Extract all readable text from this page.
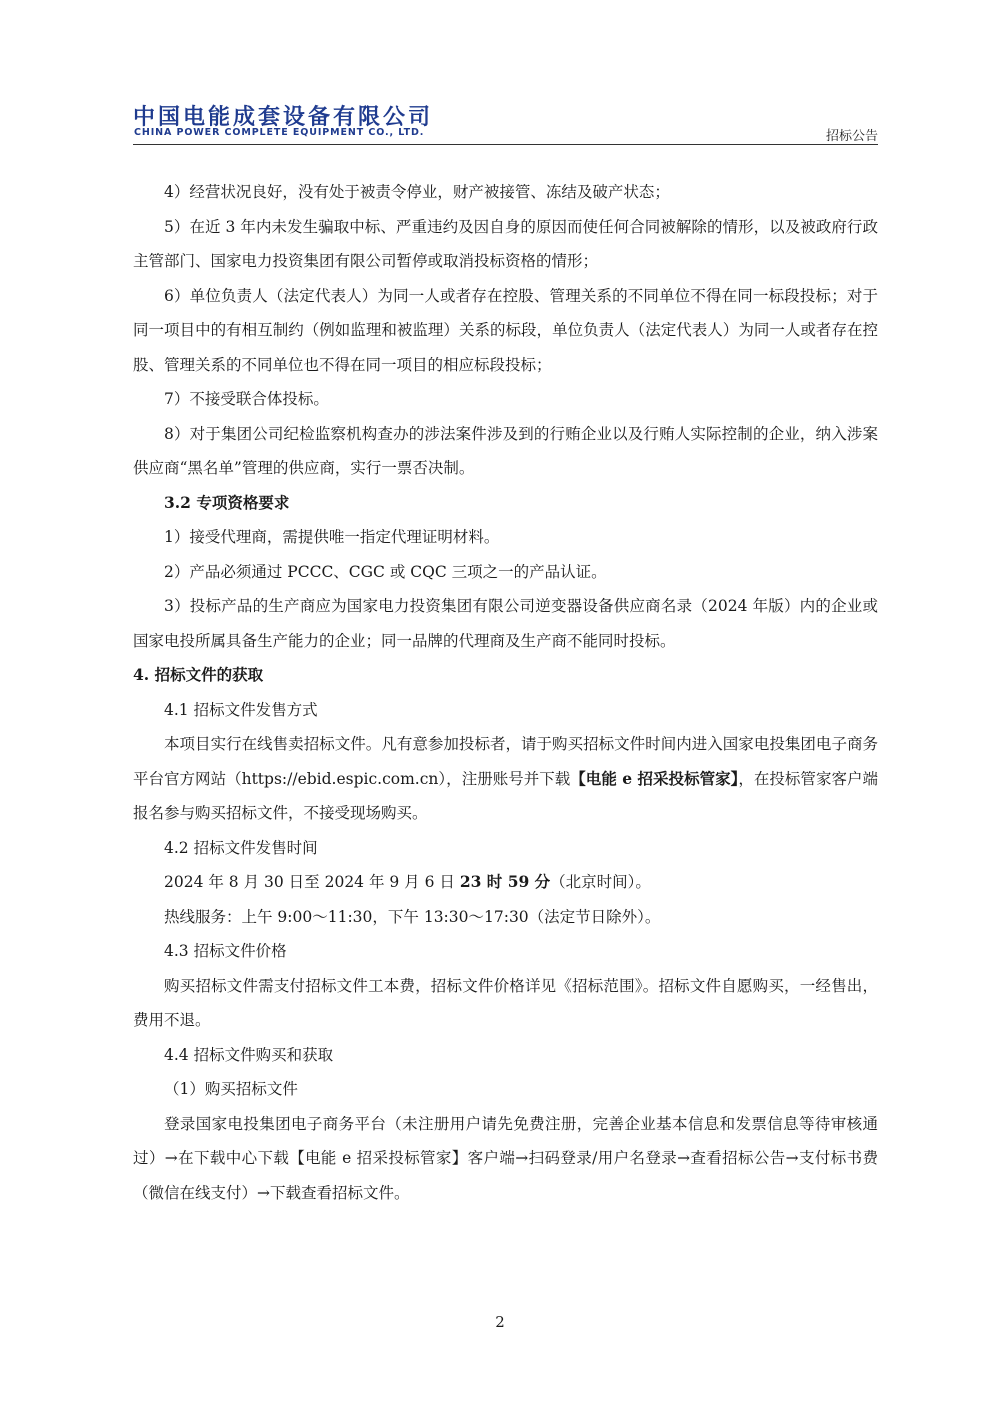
中国电能成套设备有限公司
CHINA POWER COMPLETE EQUIPMENT CO., LTD.	招标公告

4）经营状况良好，没有处于被责令停业，财产被接管、冻结及破产状态；

5）在近 3 年内未发生骗取中标、严重违约及因自身的原因而使任何合同被解除的情形，以及被政府行政主管部门、国家电力投资集团有限公司暂停或取消投标资格的情形；

6）单位负责人（法定代表人）为同一人或者存在控股、管理关系的不同单位不得在同一标段投标；对于同一项目中的有相互制约（例如监理和被监理）关系的标段，单位负责人（法定代表人）为同一人或者存在控股、管理关系的不同单位也不得在同一项目的相应标段投标；

7）不接受联合体投标。

8）对于集团公司纪检监察机构查办的涉法案件涉及到的行贿企业以及行贿人实际控制的企业，纳入涉案供应商“黑名单”管理的供应商，实行一票否决制。

3.2 专项资格要求

1）接受代理商，需提供唯一指定代理证明材料。

2）产品必须通过 PCCC、CGC 或 CQC 三项之一的产品认证。

3）投标产品的生产商应为国家电力投资集团有限公司逆变器设备供应商名录（2024 年版）内的企业或国家电投所属具备生产能力的企业；同一品牌的代理商及生产商不能同时投标。

4. 招标文件的获取

4.1 招标文件发售方式

本项目实行在线售卖招标文件。凡有意参加投标者，请于购买招标文件时间内进入国家电投集团电子商务平台官方网站（https://ebid.espic.com.cn），注册账号并下载【电能 e 招采投标管家】，在投标管家客户端报名参与购买招标文件，不接受现场购买。

4.2 招标文件发售时间

2024 年 8 月 30 日至 2024 年 9 月 6 日 23 时 59 分（北京时间）。

热线服务：上午 9:00～11:30，下午 13:30～17:30（法定节日除外）。

4.3 招标文件价格

购买招标文件需支付招标文件工本费，招标文件价格详见《招标范围》。招标文件自愿购买，一经售出，费用不退。

4.4 招标文件购买和获取

（1）购买招标文件

登录国家电投集团电子商务平台（未注册用户请先免费注册，完善企业基本信息和发票信息等待审核通过）→在下载中心下载【电能 e 招采投标管家】客户端→扫码登录/用户名登录→查看招标公告→支付标书费（微信在线支付）→下载查看招标文件。

2
